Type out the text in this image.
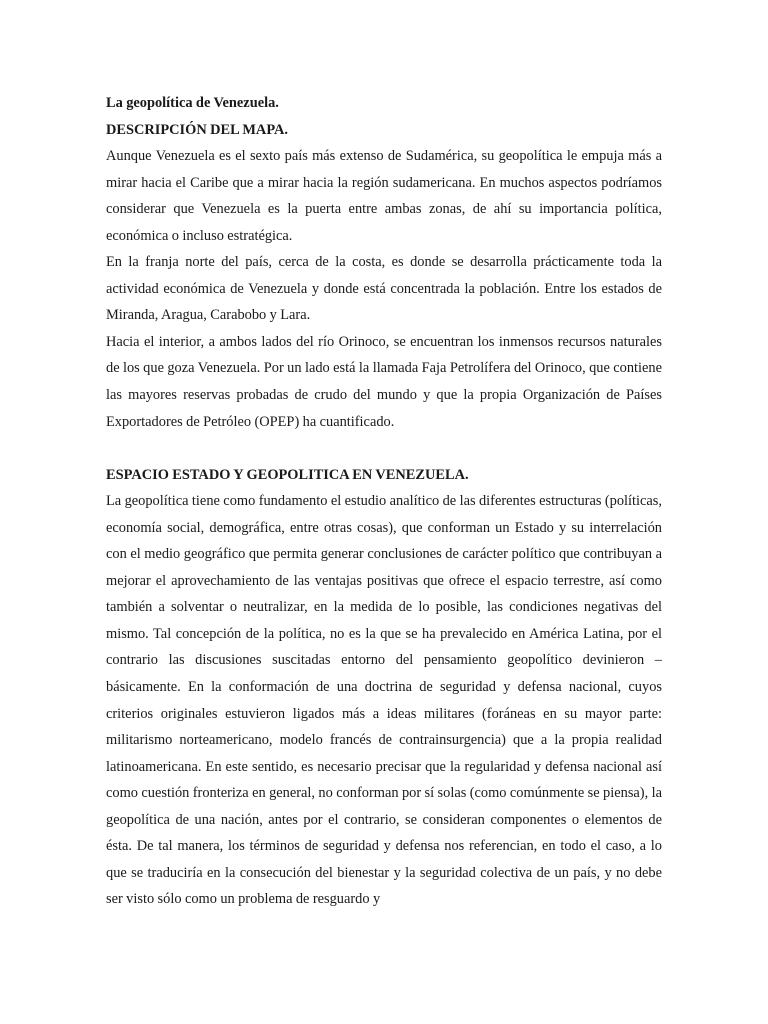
La geopolítica de Venezuela.

DESCRIPCIÓN DEL MAPA.

Aunque Venezuela es el sexto país más extenso de Sudamérica, su geopolítica le empuja más a mirar hacia el Caribe que a mirar hacia la región sudamericana. En muchos aspectos podríamos considerar que Venezuela es la puerta entre ambas zonas, de ahí su importancia política, económica o incluso estratégica.

En la franja norte del país, cerca de la costa, es donde se desarrolla prácticamente toda la actividad económica de Venezuela y donde está concentrada la población. Entre los estados de Miranda, Aragua, Carabobo y Lara.

Hacia el interior, a ambos lados del río Orinoco, se encuentran los inmensos recursos naturales de los que goza Venezuela. Por un lado está la llamada Faja Petrolífera del Orinoco, que contiene las mayores reservas probadas de crudo del mundo y que la propia Organización de Países Exportadores de Petróleo (OPEP) ha cuantificado.

ESPACIO ESTADO Y GEOPOLITICA EN VENEZUELA.

La geopolítica tiene como fundamento el estudio analítico de las diferentes estructuras (políticas, economía social, demográfica, entre otras cosas), que conforman un Estado y su interrelación con el medio geográfico que permita generar conclusiones de carácter político que contribuyan a mejorar el aprovechamiento de las ventajas positivas que ofrece el espacio terrestre, así como también a solventar o neutralizar, en la medida de lo posible, las condiciones negativas del mismo. Tal concepción de la política, no es la que se ha prevalecido en América Latina, por el contrario las discusiones suscitadas entorno del pensamiento geopolítico devinieron – básicamente. En la conformación de una doctrina de seguridad y defensa nacional, cuyos criterios originales estuvieron ligados más a ideas militares (foráneas en su mayor parte: militarismo norteamericano, modelo francés de contrainsurgencia) que a la propia realidad latinoamericana. En este sentido, es necesario precisar que la regularidad y defensa nacional así como cuestión fronteriza en general, no conforman por sí solas (como comúnmente se piensa), la geopolítica de una nación, antes por el contrario, se consideran componentes o elementos de ésta. De tal manera, los términos de seguridad y defensa nos referencian, en todo el caso, a lo que se traduciría en la consecución del bienestar y la seguridad colectiva de un país, y no debe ser visto sólo como un problema de resguardo y
